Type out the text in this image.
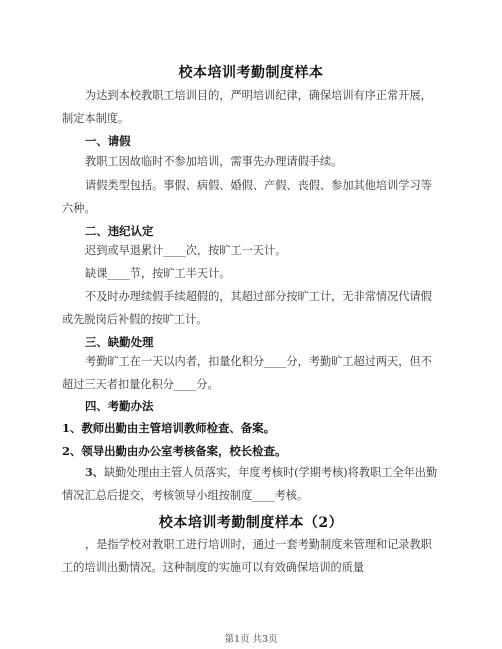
校本培训考勤制度样本
为达到本校教职工培训目的，严明培训纪律，确保培训有序正常开展，制定本制度。
一、请假
教职工因故临时不参加培训，需事先办理请假手续。
请假类型包括。事假、病假、婚假、产假、丧假、参加其他培训学习等六种。
二、违纪认定
迟到或早退累计____次，按旷工一天计。
缺课____节，按旷工半天计。
不及时办理续假手续超假的，其超过部分按旷工计，无非常情况代请假或先脱岗后补假的按旷工计。
三、缺勤处理
考勤旷工在一天以内者，扣量化积分____分，考勤旷工超过两天，但不超过三天者扣量化积分____分。
四、考勤办法
1、教师出勤由主管培训教师检查、备案。
2、领导出勤由办公室考核备案，校长检查。
3、缺勤处理由主管人员落实，年度考核时(学期考核)将教职工全年出勤情况汇总后提交，考核领导小组按制度____考核。
校本培训考勤制度样本（2）
，是指学校对教职工进行培训时，通过一套考勤制度来管理和记录教职工的培训出勤情况。这种制度的实施可以有效确保培训的质量
第1页 共3页
